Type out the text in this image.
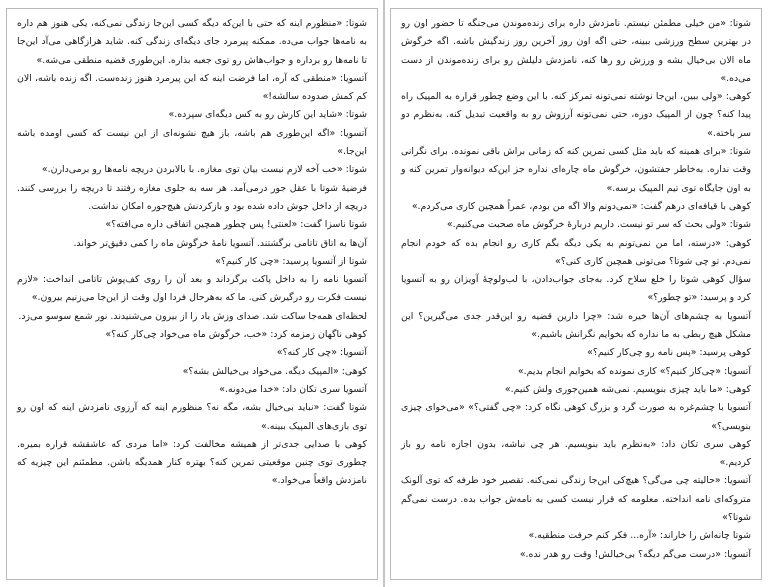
شوتا: «منظورم اینه که حتی با این‌که دیگه کسی این‌جا زندگی نمی‌کنه، یکی هنوز هم داره به نامه‌ها جواب می‌ده. ممکنه پیرمرد جای دیگه‌ای زندگی کنه. شاید هرازگاهی می‌آد این‌جا تا نامه‌ها رو برداره و جواب‌هاش رو توی جعبه بذاره. این‌طوری قضیه منطقی می‌شه.»

آتسویا: «منطقی که آره، اما فرضت اینه که این پیرمرد هنوز زنده‌ست. اگه زنده باشه، الان کم کمش صدوده سالشه!»

شوتا: «شاید این کارش رو به کس دیگه‌ای سپرده.»

آتسویا: «اگه این‌طوری هم باشه، باز هیچ نشونه‌ای از این نیست که کسی اومده باشه این‌جا.»

شوتا: «خب آخه لازم نیست بیان توی مغازه. با بالابردن دریچه نامه‌ها رو برمی‌دارن.»

فرضیهٔ شوتا با عقل جور درمی‌آمد. هر سه به جلوی مغازه رفتند تا دریچه را بررسی کنند. دریچه از داخل جوش داده شده بود و بازکردنش هیچ‌جوره امکان نداشت.

شوتا ناسزا گفت: «لعنتی! پس چطور همچین اتفاقی داره می‌افته؟»

آن‌ها به اتاق تاتامی برگشتند. آتسویا نامهٔ خرگوش ماه را کمی دقیق‌تر خواند.

شوتا از آتسویا پرسید: «چی کار کنیم؟»

آتسویا نامه را به داخل پاکت برگرداند و بعد آن را روی کف‌پوش تاتامی انداخت: «لازم نیست فکرت رو درگیرش کنی. ما که به‌هرحال فردا اول وقت از این‌جا می‌زنیم بیرون.»

لحظه‌ای همه‌جا ساکت شد. صدای وزش باد را از بیرون می‌شنیدند. نور شمع سوسو می‌زد.

کوهی ناگهان زمزمه کرد: «خب، خرگوش ماه می‌خواد چی‌کار کنه؟»

آتسویا: «چی کار کنه؟»

کوهی: «المپیک دیگه. می‌خواد بی‌خیالش بشه؟»

آتسویا سری تکان داد: «خدا می‌دونه.»

شوتا گفت: «نباید بی‌خیال بشه، مگه نه؟ منظورم اینه که آرزوی نامزدش اینه که اون رو توی بازی‌های المپیک ببینه.»

کوهی با صدایی جدی‌تر از همیشه مخالفت کرد: «اما مردی که عاشقشه قراره بمیره. چطوری توی چنین موقعیتی تمرین کنه؟ بهتره کنار همدیگه باشن. مطمئنم این چیزیه که نامزدش واقعاً می‌خواد.»

شوتا: «من خیلی مطمئن نیستم. نامزدش داره برای زنده‌موندن می‌جنگه تا حضور اون رو در بهترین سطح ورزشی ببینه، حتی اگه اون روز آخرین روز زندگیش باشه. اگه خرگوش ماه الان بی‌خیال بشه و ورزش رو رها کنه، نامزدش دلیلش رو برای زنده‌موندن از دست می‌ده.»

کوهی: «ولی ببین، این‌جا نوشته نمی‌تونه تمرکز کنه. با این وضع چطور قراره به المپیک راه پیدا کنه؟ چون از المپیک دوره، حتی نمی‌تونه آرزوش رو به واقعیت تبدیل کنه. به‌نظرم دو سر باخته.»

شوتا: «برای همینه که باید مثل کسی تمرین کنه که زمانی براش باقی نمونده. برای نگرانی وقت نداره. به‌خاطر جفتشون، خرگوش ماه چاره‌ای نداره جز این‌که دیوانه‌وار تمرین کنه و به اون جایگاه توی تیم المپیک برسه.»

کوهی با قیافه‌ای درهم گفت: «نمی‌دونم والا اگه من بودم، عمراً همچین کاری می‌کردم.»

شوتا: «ولی بحث که سر تو نیست. داریم درباره‌ٔ خرگوش ماه صحبت می‌کنیم.»

کوهی: «درسته، اما من نمی‌تونم به یکی دیگه بگم کاری رو انجام بده که خودم انجام نمی‌دم. تو چی شوتا؟ می‌تونی همچین کاری کنی؟»

سؤال کوهی شوتا را خلع سلاح کرد. به‌جای جواب‌دادن، با لب‌ولوچهٔ آویزان رو به آتسویا کرد و پرسید: «تو چطور؟»

آتسویا به چشم‌های آن‌ها خیره شد: «چرا دارین قضیه رو این‌قدر جدی می‌گیرین؟ این مشکل هیچ ربطی به ما نداره که بخوایم نگرانش باشیم.»

کوهی پرسید: «پس نامه رو چی‌کار کنیم؟»

آتسویا: «چی‌کار کنیم؟» کاری نمونده که بخوایم انجام بدیم.»

کوهی: «ما باید چیزی بنویسیم. نمی‌شه همین‌جوری ولش کنیم.»

آتسویا با چشم‌غره به صورت گرد و بزرگ کوهی نگاه کرد: «چی گفتی؟» «می‌خوای چیزی بنویسی؟»

کوهی سری تکان داد: «به‌نظرم باید بنویسیم. هر چی نباشه، بدون اجازه نامه رو باز کردیم.»

آتسویا: «حالیته چی می‌گی؟ هیچ‌کی این‌جا زندگی نمی‌کنه. تقصیر خود طرفه که توی آلونک متروکه‌ای نامه انداخته. معلومه که قرار نیست کسی به نامه‌ش جواب بده. درست نمی‌گم شوتا؟»

شوتا چانه‌اش را خاراند: «آره... فکر کنم حرفت منطقیه.»

آتسویا: «درست می‌گم دیگه؟ بی‌خیالش! وقت رو هدر نده.»
